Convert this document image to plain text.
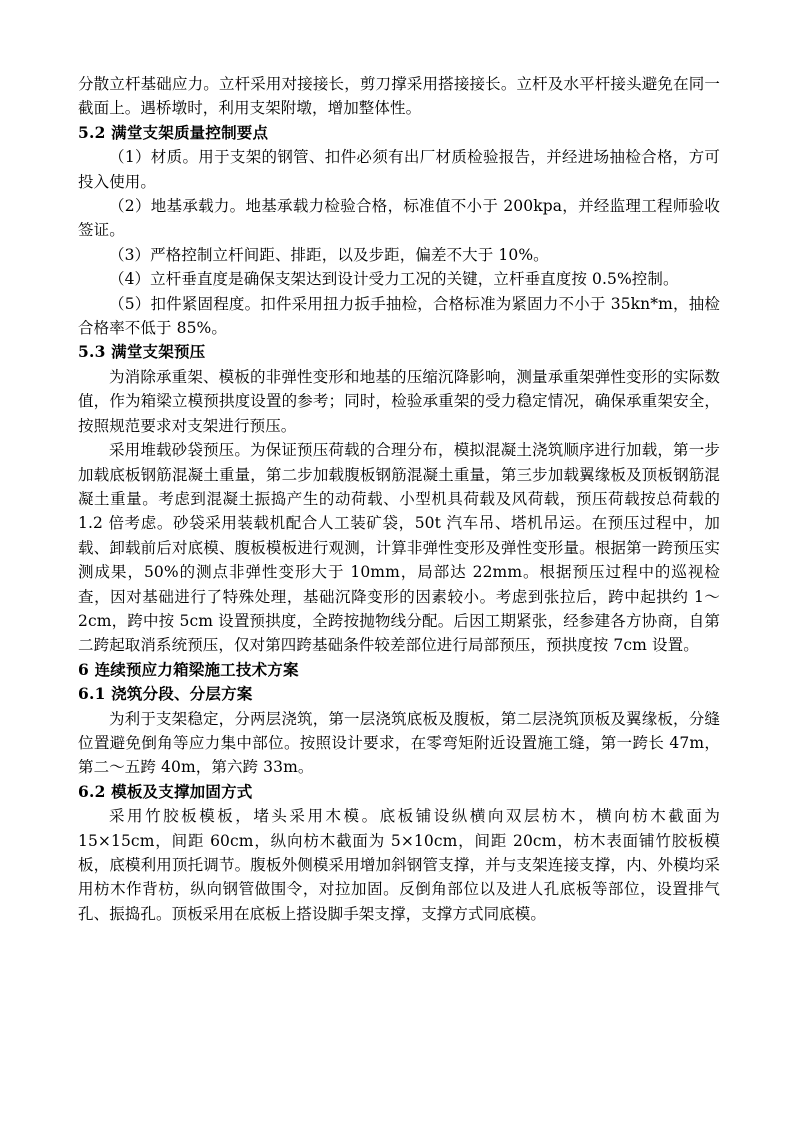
分散立杆基础应力。立杆采用对接接长，剪刀撑采用搭接接长。立杆及水平杆接头避免在同一截面上。遇桥墩时，利用支架附墩，增加整体性。

5.2 满堂支架质量控制要点

（1）材质。用于支架的钢管、扣件必须有出厂材质检验报告，并经进场抽检合格，方可投入使用。

（2）地基承载力。地基承载力检验合格，标准值不小于 200kpa，并经监理工程师验收签证。

（3）严格控制立杆间距、排距，以及步距，偏差不大于 10%。

（4）立杆垂直度是确保支架达到设计受力工况的关键，立杆垂直度按 0.5%控制。

（5）扣件紧固程度。扣件采用扭力扳手抽检，合格标准为紧固力不小于 35kn*m，抽检合格率不低于 85%。

5.3 满堂支架预压

为消除承重架、模板的非弹性变形和地基的压缩沉降影响，测量承重架弹性变形的实际数值，作为箱梁立模预拱度设置的参考；同时，检验承重架的受力稳定情况，确保承重架安全，按照规范要求对支架进行预压。

采用堆载砂袋预压。为保证预压荷载的合理分布，模拟混凝土浇筑顺序进行加载，第一步加载底板钢筋混凝土重量，第二步加载腹板钢筋混凝土重量，第三步加载翼缘板及顶板钢筋混凝土重量。考虑到混凝土振捣产生的动荷载、小型机具荷载及风荷载，预压荷载按总荷载的 1.2 倍考虑。砂袋采用装载机配合人工装矿袋，50t 汽车吊、塔机吊运。在预压过程中，加载、卸载前后对底模、腹板模板进行观测，计算非弹性变形及弹性变形量。根据第一跨预压实测成果，50%的测点非弹性变形大于 10mm，局部达 22mm。根据预压过程中的巡视检查，因对基础进行了特殊处理，基础沉降变形的因素较小。考虑到张拉后，跨中起拱约 1～2cm，跨中按 5cm 设置预拱度，全跨按抛物线分配。后因工期紧张，经参建各方协商，自第二跨起取消系统预压，仅对第四跨基础条件较差部位进行局部预压，预拱度按 7cm 设置。

6 连续预应力箱梁施工技术方案

6.1 浇筑分段、分层方案

为利于支架稳定，分两层浇筑，第一层浇筑底板及腹板，第二层浇筑顶板及翼缘板，分缝位置避免倒角等应力集中部位。按照设计要求，在零弯矩附近设置施工缝，第一跨长 47m，第二～五跨 40m，第六跨 33m。

6.2 模板及支撑加固方式

采用竹胶板模板，堵头采用木模。底板铺设纵横向双层枋木，横向枋木截面为 15×15cm，间距 60cm，纵向枋木截面为 5×10cm，间距 20cm，枋木表面铺竹胶板模板，底模利用顶托调节。腹板外侧模采用增加斜钢管支撑，并与支架连接支撑，内、外模均采用枋木作背枋，纵向钢管做围令，对拉加固。反倒角部位以及进人孔底板等部位，设置排气孔、振捣孔。顶板采用在底板上搭设脚手架支撑，支撑方式同底模。
